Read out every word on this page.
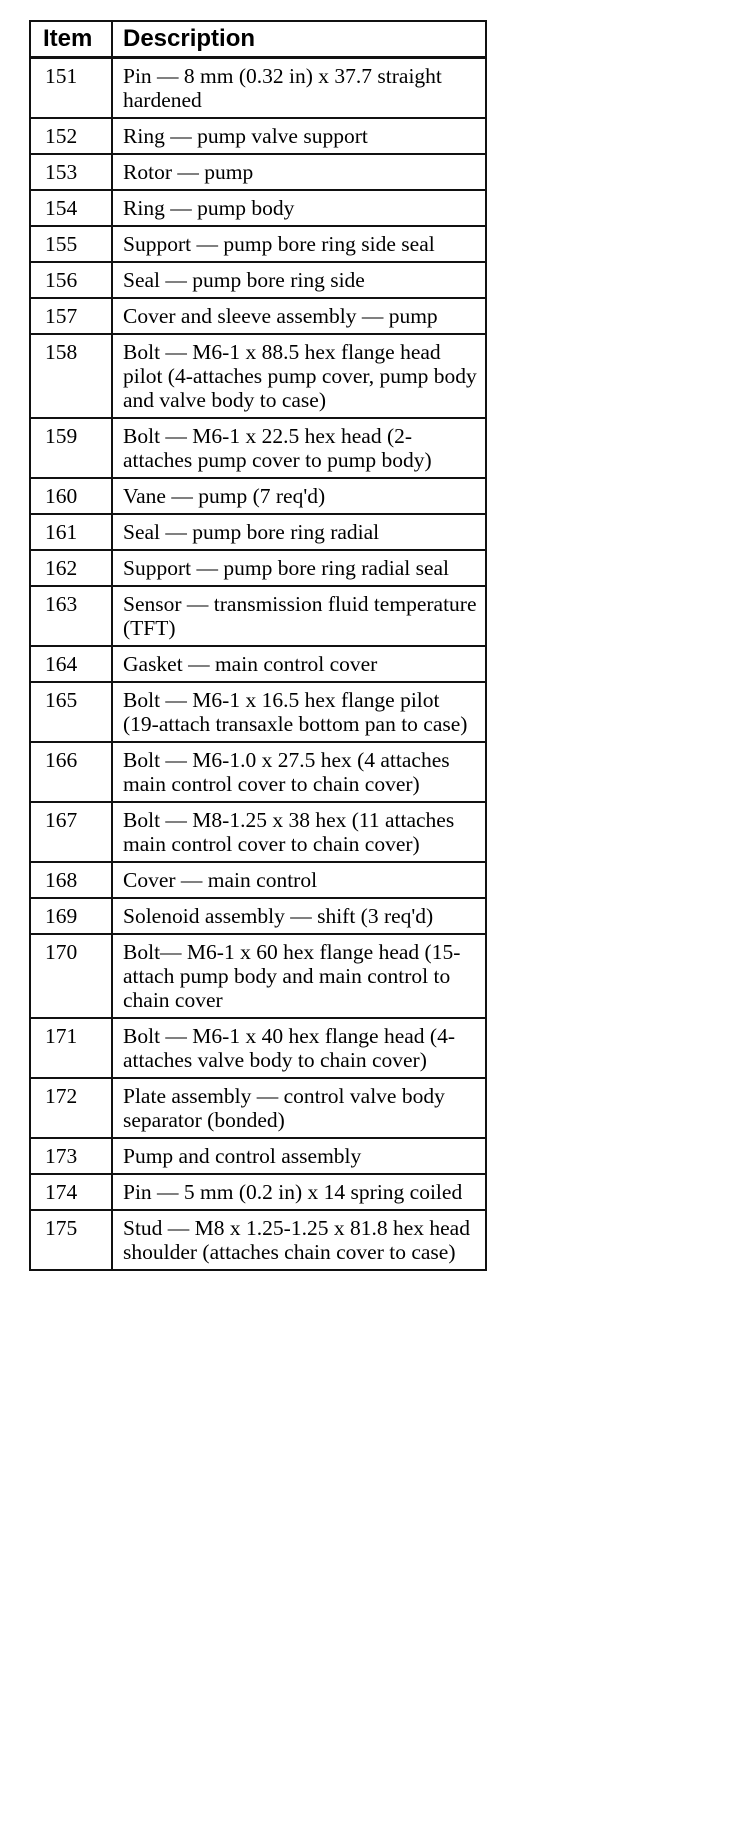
Item	Description
151	Pin — 8 mm (0.32 in) x 37.7 straight hardened
152	Ring — pump valve support
153	Rotor — pump
154	Ring — pump body
155	Support — pump bore ring side seal
156	Seal — pump bore ring side
157	Cover and sleeve assembly — pump
158	Bolt — M6-1 x 88.5 hex flange head pilot (4-attaches pump cover, pump body and valve body to case)
159	Bolt — M6-1 x 22.5 hex head (2-attaches pump cover to pump body)
160	Vane — pump (7 req'd)
161	Seal — pump bore ring radial
162	Support — pump bore ring radial seal
163	Sensor — transmission fluid temperature (TFT)
164	Gasket — main control cover
165	Bolt — M6-1 x 16.5 hex flange pilot (19-attach transaxle bottom pan to case)
166	Bolt — M6-1.0 x 27.5 hex (4 attaches main control cover to chain cover)
167	Bolt — M8-1.25 x 38 hex (11 attaches main control cover to chain cover)
168	Cover — main control
169	Solenoid assembly — shift (3 req'd)
170	Bolt— M6-1 x 60 hex flange head (15-attach pump body and main control to chain cover
171	Bolt — M6-1 x 40 hex flange head (4-attaches valve body to chain cover)
172	Plate assembly — control valve body separator (bonded)
173	Pump and control assembly
174	Pin — 5 mm (0.2 in) x 14 spring coiled
175	Stud — M8 x 1.25-1.25 x 81.8 hex head shoulder (attaches chain cover to case)
